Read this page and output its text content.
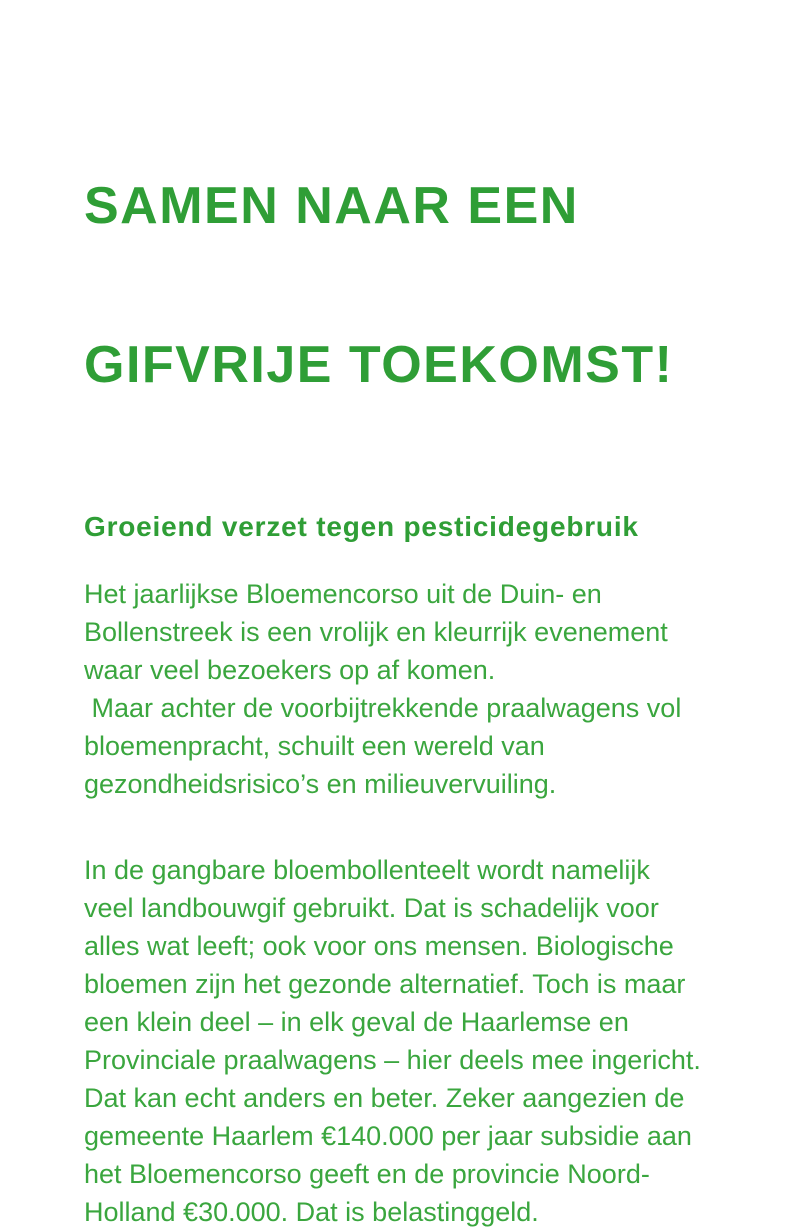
SAMEN NAAR EEN

GIFVRIJE TOEKOMST!

Groeiend verzet tegen pesticidegebruik
Het jaarlijkse Bloemencorso uit de Duin- en
Bollenstreek is een vrolijk en kleurrijk evenement
waar veel bezoekers op af komen.
Maar achter de voorbijtrekkende praalwagens vol
bloemenpracht, schuilt een wereld van
gezondheidsrisico’s en milieuvervuiling.
In de gangbare bloembollenteelt wordt namelijk
veel landbouwgif gebruikt. Dat is schadelijk voor
alles wat leeft; ook voor ons mensen. Biologische
bloemen zijn het gezonde alternatief. Toch is maar
een klein deel – in elk geval de Haarlemse en
Provinciale praalwagens – hier deels mee ingericht.
Dat kan echt anders en beter. Zeker aangezien de
gemeente Haarlem €140.000 per jaar subsidie aan
het Bloemencorso geeft en de provincie Noord-
Holland €30.000. Dat is belastinggeld.
